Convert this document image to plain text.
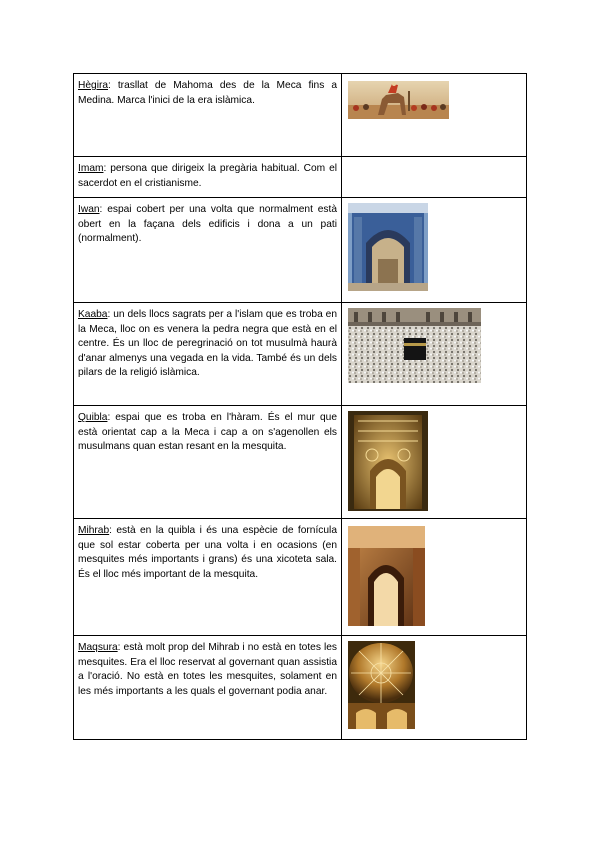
Hègira: trasllat de Mahoma des de la Meca fins a Medina. Marca l'inici de la era islàmica.	

Imam: persona que dirigeix la pregària habitual. Com el sacerdot en el cristianisme.	
Iwan: espai cobert per una volta que normalment està obert en la façana dels edificis i dona a un pati (normalment).	

Kaaba: un dels llocs sagrats per a l'islam que es troba en la Meca, lloc on es venera la pedra negra que està en el centre. És un lloc de peregrinació on tot musulmà haurà d'anar almenys una vegada en la vida. També és un dels pilars de la religió islàmica.	

Quibla: espai que es troba en l'hàram. És el mur que està orientat cap a la Meca i cap a on s'agenollen els musulmans quan estan resant en la mesquita.	

Mihrab: està en la quibla i és una espècie de fornícula que sol estar coberta per una volta i en ocasions (en mesquites més importants i grans) és una xicoteta sala. És el lloc més important de la mesquita.	

Maqsura: està molt prop del Mihrab i no està en totes les mesquites. Era el lloc reservat al governant quan assistia a l'oració. No està en totes les mesquites, solament en les més importants a les quals el governant podia anar.	
